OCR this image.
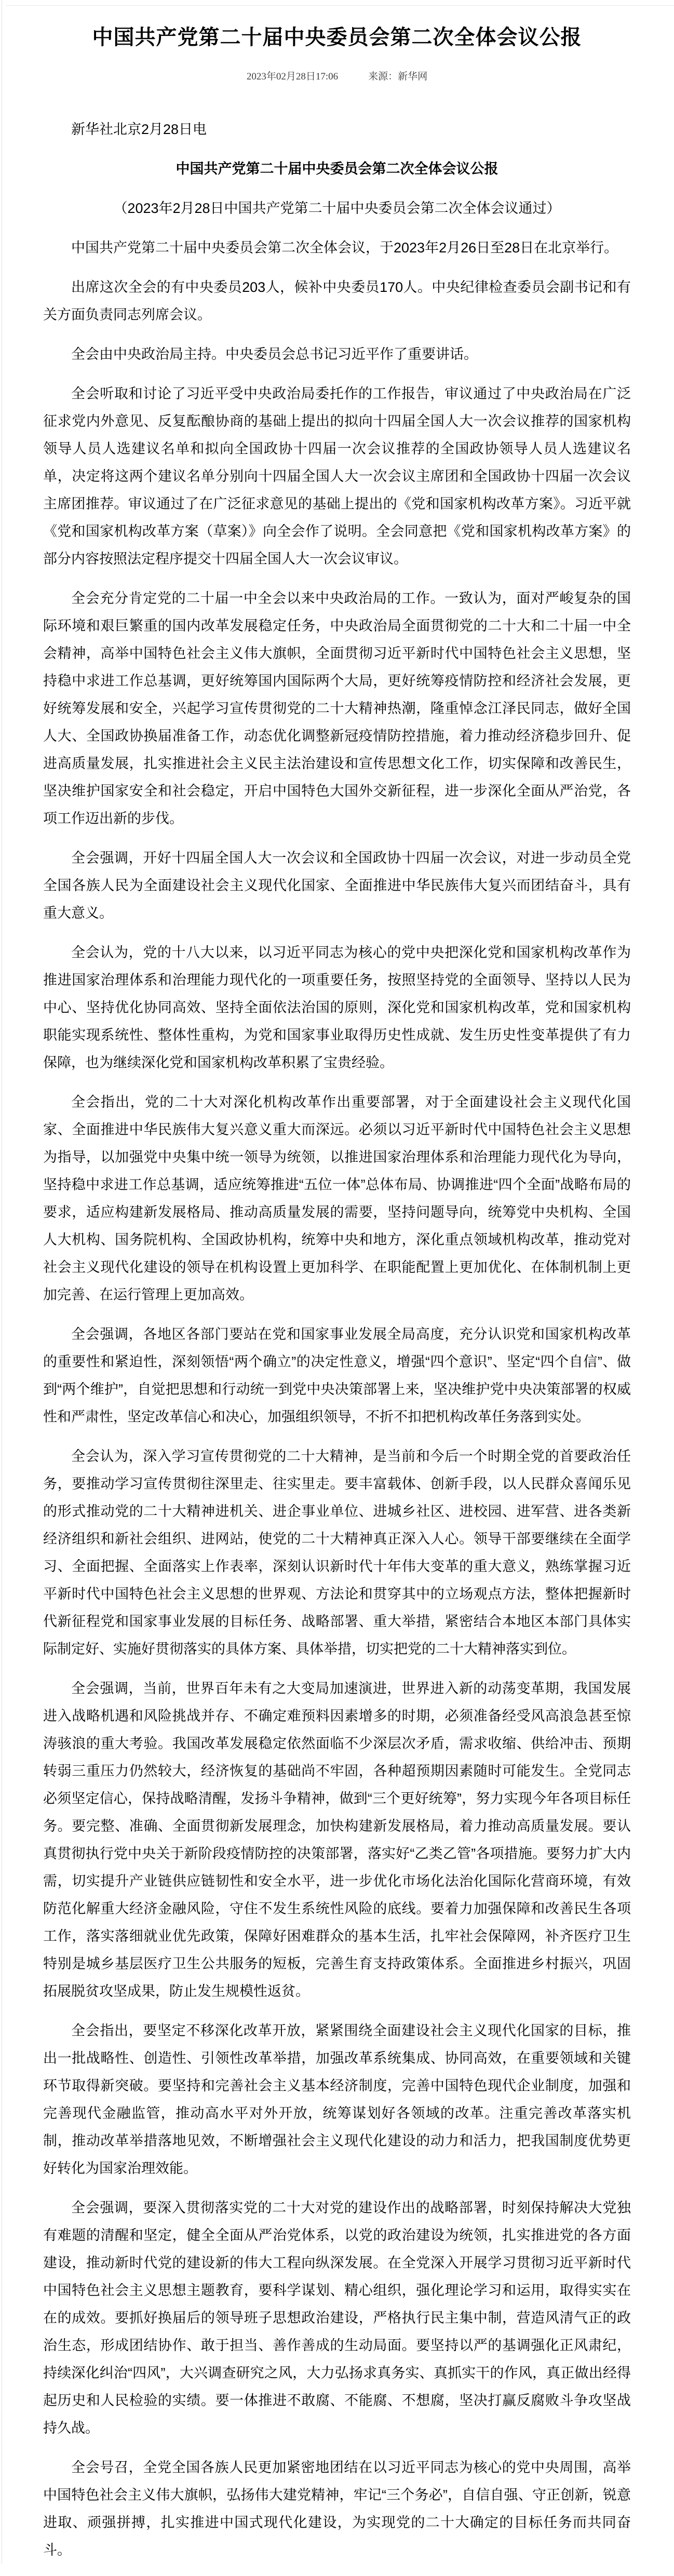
中国共产党第二十届中央委员会第二次全体会议公报
2023年02月28日17:06	来源：新华网

新华社北京2月28日电

中国共产党第二十届中央委员会第二次全体会议公报

（2023年2月28日中国共产党第二十届中央委员会第二次全体会议通过）

中国共产党第二十届中央委员会第二次全体会议，于2023年2月26日至28日在北京举行。

出席这次全会的有中央委员203人，候补中央委员170人。中央纪律检查委员会副书记和有关方面负责同志列席会议。

全会由中央政治局主持。中央委员会总书记习近平作了重要讲话。

全会听取和讨论了习近平受中央政治局委托作的工作报告，审议通过了中央政治局在广泛征求党内外意见、反复酝酿协商的基础上提出的拟向十四届全国人大一次会议推荐的国家机构领导人员人选建议名单和拟向全国政协十四届一次会议推荐的全国政协领导人员人选建议名单，决定将这两个建议名单分别向十四届全国人大一次会议主席团和全国政协十四届一次会议主席团推荐。审议通过了在广泛征求意见的基础上提出的《党和国家机构改革方案》。习近平就《党和国家机构改革方案（草案）》向全会作了说明。全会同意把《党和国家机构改革方案》的部分内容按照法定程序提交十四届全国人大一次会议审议。

全会充分肯定党的二十届一中全会以来中央政治局的工作。一致认为，面对严峻复杂的国际环境和艰巨繁重的国内改革发展稳定任务，中央政治局全面贯彻党的二十大和二十届一中全会精神，高举中国特色社会主义伟大旗帜，全面贯彻习近平新时代中国特色社会主义思想，坚持稳中求进工作总基调，更好统筹国内国际两个大局，更好统筹疫情防控和经济社会发展，更好统筹发展和安全，兴起学习宣传贯彻党的二十大精神热潮，隆重悼念江泽民同志，做好全国人大、全国政协换届准备工作，动态优化调整新冠疫情防控措施，着力推动经济稳步回升、促进高质量发展，扎实推进社会主义民主法治建设和宣传思想文化工作，切实保障和改善民生，坚决维护国家安全和社会稳定，开启中国特色大国外交新征程，进一步深化全面从严治党，各项工作迈出新的步伐。

全会强调，开好十四届全国人大一次会议和全国政协十四届一次会议，对进一步动员全党全国各族人民为全面建设社会主义现代化国家、全面推进中华民族伟大复兴而团结奋斗，具有重大意义。

全会认为，党的十八大以来，以习近平同志为核心的党中央把深化党和国家机构改革作为推进国家治理体系和治理能力现代化的一项重要任务，按照坚持党的全面领导、坚持以人民为中心、坚持优化协同高效、坚持全面依法治国的原则，深化党和国家机构改革，党和国家机构职能实现系统性、整体性重构，为党和国家事业取得历史性成就、发生历史性变革提供了有力保障，也为继续深化党和国家机构改革积累了宝贵经验。

全会指出，党的二十大对深化机构改革作出重要部署，对于全面建设社会主义现代化国家、全面推进中华民族伟大复兴意义重大而深远。必须以习近平新时代中国特色社会主义思想为指导，以加强党中央集中统一领导为统领，以推进国家治理体系和治理能力现代化为导向，坚持稳中求进工作总基调，适应统筹推进“五位一体”总体布局、协调推进“四个全面”战略布局的要求，适应构建新发展格局、推动高质量发展的需要，坚持问题导向，统筹党中央机构、全国人大机构、国务院机构、全国政协机构，统筹中央和地方，深化重点领域机构改革，推动党对社会主义现代化建设的领导在机构设置上更加科学、在职能配置上更加优化、在体制机制上更加完善、在运行管理上更加高效。

全会强调，各地区各部门要站在党和国家事业发展全局高度，充分认识党和国家机构改革的重要性和紧迫性，深刻领悟“两个确立”的决定性意义，增强“四个意识”、坚定“四个自信”、做到“两个维护”，自觉把思想和行动统一到党中央决策部署上来，坚决维护党中央决策部署的权威性和严肃性，坚定改革信心和决心，加强组织领导，不折不扣把机构改革任务落到实处。

全会认为，深入学习宣传贯彻党的二十大精神，是当前和今后一个时期全党的首要政治任务，要推动学习宣传贯彻往深里走、往实里走。要丰富载体、创新手段，以人民群众喜闻乐见的形式推动党的二十大精神进机关、进企事业单位、进城乡社区、进校园、进军营、进各类新经济组织和新社会组织、进网站，使党的二十大精神真正深入人心。领导干部要继续在全面学习、全面把握、全面落实上作表率，深刻认识新时代十年伟大变革的重大意义，熟练掌握习近平新时代中国特色社会主义思想的世界观、方法论和贯穿其中的立场观点方法，整体把握新时代新征程党和国家事业发展的目标任务、战略部署、重大举措，紧密结合本地区本部门具体实际制定好、实施好贯彻落实的具体方案、具体举措，切实把党的二十大精神落实到位。

全会强调，当前，世界百年未有之大变局加速演进，世界进入新的动荡变革期，我国发展进入战略机遇和风险挑战并存、不确定难预料因素增多的时期，必须准备经受风高浪急甚至惊涛骇浪的重大考验。我国改革发展稳定依然面临不少深层次矛盾，需求收缩、供给冲击、预期转弱三重压力仍然较大，经济恢复的基础尚不牢固，各种超预期因素随时可能发生。全党同志必须坚定信心，保持战略清醒，发扬斗争精神，做到“三个更好统筹”，努力实现今年各项目标任务。要完整、准确、全面贯彻新发展理念，加快构建新发展格局，着力推动高质量发展。要认真贯彻执行党中央关于新阶段疫情防控的决策部署，落实好“乙类乙管”各项措施。要努力扩大内需，切实提升产业链供应链韧性和安全水平，进一步优化市场化法治化国际化营商环境，有效防范化解重大经济金融风险，守住不发生系统性风险的底线。要着力加强保障和改善民生各项工作，落实落细就业优先政策，保障好困难群众的基本生活，扎牢社会保障网，补齐医疗卫生特别是城乡基层医疗卫生公共服务的短板，完善生育支持政策体系。全面推进乡村振兴，巩固拓展脱贫攻坚成果，防止发生规模性返贫。

全会指出，要坚定不移深化改革开放，紧紧围绕全面建设社会主义现代化国家的目标，推出一批战略性、创造性、引领性改革举措，加强改革系统集成、协同高效，在重要领域和关键环节取得新突破。要坚持和完善社会主义基本经济制度，完善中国特色现代企业制度，加强和完善现代金融监管，推动高水平对外开放，统筹谋划好各领域的改革。注重完善改革落实机制，推动改革举措落地见效，不断增强社会主义现代化建设的动力和活力，把我国制度优势更好转化为国家治理效能。

全会强调，要深入贯彻落实党的二十大对党的建设作出的战略部署，时刻保持解决大党独有难题的清醒和坚定，健全全面从严治党体系，以党的政治建设为统领，扎实推进党的各方面建设，推动新时代党的建设新的伟大工程向纵深发展。在全党深入开展学习贯彻习近平新时代中国特色社会主义思想主题教育，要科学谋划、精心组织，强化理论学习和运用，取得实实在在的成效。要抓好换届后的领导班子思想政治建设，严格执行民主集中制，营造风清气正的政治生态，形成团结协作、敢于担当、善作善成的生动局面。要坚持以严的基调强化正风肃纪，持续深化纠治“四风”，大兴调查研究之风，大力弘扬求真务实、真抓实干的作风，真正做出经得起历史和人民检验的实绩。要一体推进不敢腐、不能腐、不想腐，坚决打赢反腐败斗争攻坚战持久战。

全会号召，全党全国各族人民更加紧密地团结在以习近平同志为核心的党中央周围，高举中国特色社会主义伟大旗帜，弘扬伟大建党精神，牢记“三个务必”，自信自强、守正创新，锐意进取、顽强拼搏，扎实推进中国式现代化建设，为实现党的二十大确定的目标任务而共同奋斗。
